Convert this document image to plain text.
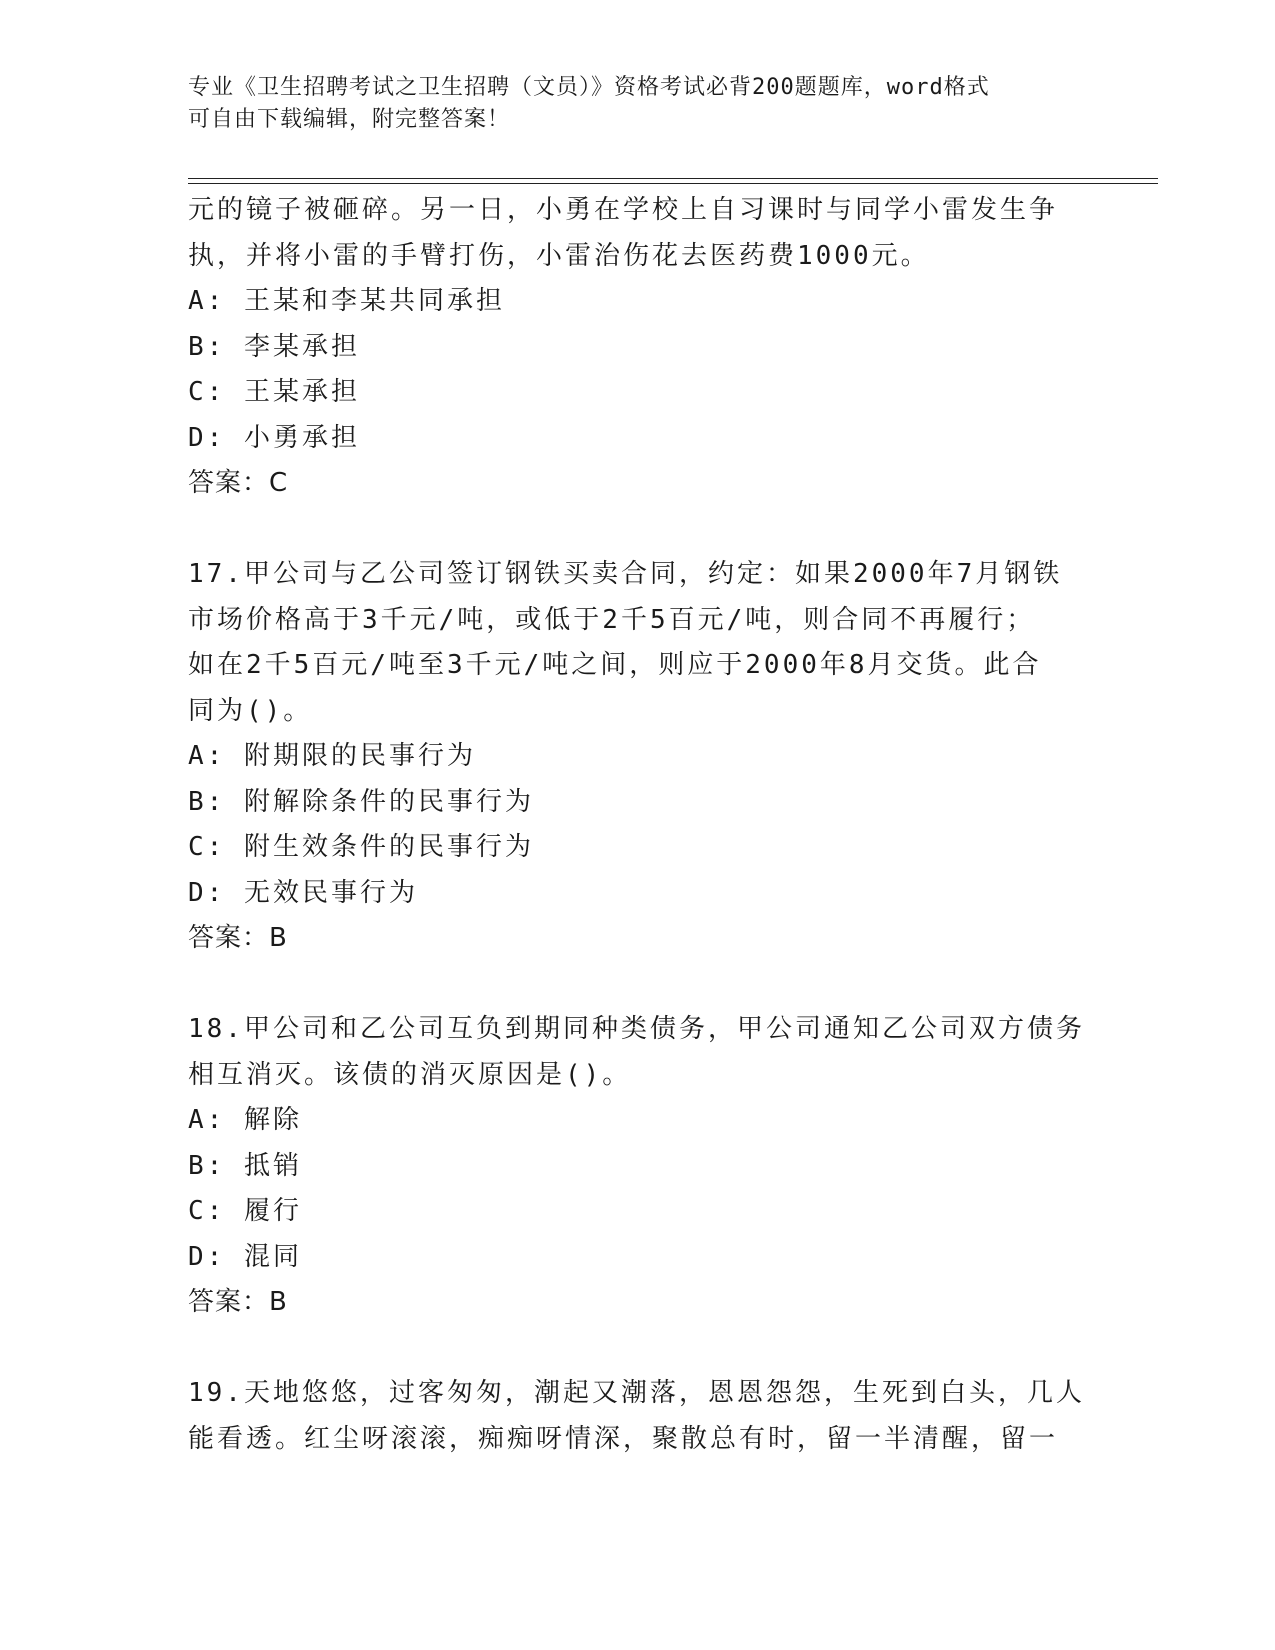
专业《卫生招聘考试之卫生招聘（文员）》资格考试必背200题题库，word格式
可自由下载编辑，附完整答案！
元的镜子被砸碎。另一日，小勇在学校上自习课时与同学小雷发生争
执，并将小雷的手臂打伤，小雷治伤花去医药费1000元。
A: 王某和李某共同承担
B: 李某承担
C: 王某承担
D: 小勇承担
答案：C
17.甲公司与乙公司签订钢铁买卖合同，约定：如果2000年7月钢铁
市场价格高于3千元/吨，或低于2千5百元/吨，则合同不再履行；
如在2千5百元/吨至3千元/吨之间，则应于2000年8月交货。此合
同为()。
A: 附期限的民事行为
B: 附解除条件的民事行为
C: 附生效条件的民事行为
D: 无效民事行为
答案：B
18.甲公司和乙公司互负到期同种类债务，甲公司通知乙公司双方债务
相互消灭。该债的消灭原因是()。
A: 解除
B: 抵销
C: 履行
D: 混同
答案：B
19.天地悠悠，过客匆匆，潮起又潮落，恩恩怨怨，生死到白头，几人
能看透。红尘呀滚滚，痴痴呀情深，聚散总有时，留一半清醒，留一
